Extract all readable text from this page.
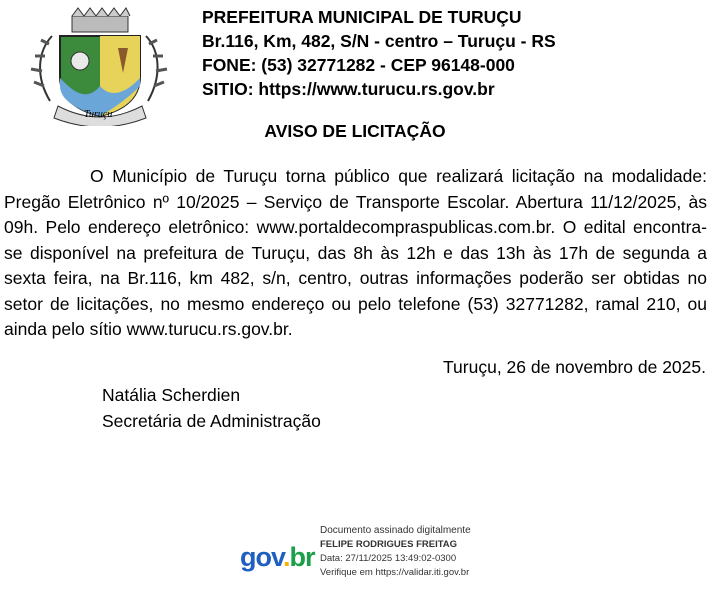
Turuçu
PREFEITURA MUNICIPAL DE TURUÇU
Br.116, Km, 482, S/N - centro – Turuçu - RS
FONE: (53) 32771282 - CEP 96148-000
SITIO: https://www.turucu.rs.gov.br
AVISO DE LICITAÇÃO
O Município de Turuçu torna público que realizará licitação na modalidade: Pregão Eletrônico nº 10/2025 – Serviço de Transporte Escolar. Abertura 11/12/2025, às 09h. Pelo endereço eletrônico: www.portaldecompraspublicas.com.br. O edital encontra-se disponível na prefeitura de Turuçu, das 8h às 12h e das 13h às 17h de segunda a sexta feira, na Br.116, km 482, s/n, centro, outras informações poderão ser obtidas no setor de licitações, no mesmo endereço ou pelo telefone (53) 32771282, ramal 210, ou ainda pelo sítio www.turucu.rs.gov.br.
Turuçu, 26 de novembro de 2025.
Natália Scherdien
Secretária de Administração
gov.br
Documento assinado digitalmente
FELIPE RODRIGUES FREITAG
Data: 27/11/2025 13:49:02-0300
Verifique em https://validar.iti.gov.br
